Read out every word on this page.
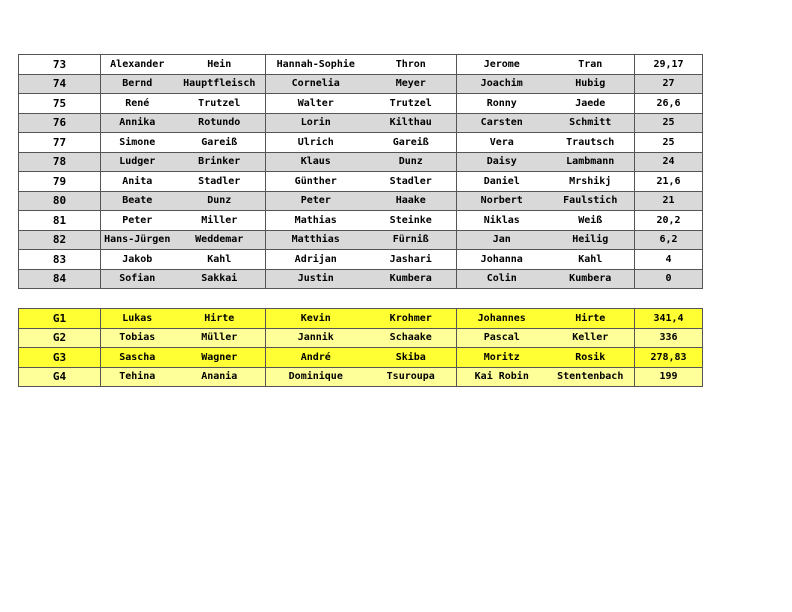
73	Alexander	Hein	Hannah-Sophie	Thron	Jerome	Tran	29,17
74	Bernd	Hauptfleisch	Cornelia	Meyer	Joachim	Hubig	27
75	René	Trutzel	Walter	Trutzel	Ronny	Jaede	26,6
76	Annika	Rotundo	Lorin	Kilthau	Carsten	Schmitt	25
77	Simone	Gareiß	Ulrich	Gareiß	Vera	Trautsch	25
78	Ludger	Brinker	Klaus	Dunz	Daisy	Lambmann	24
79	Anita	Stadler	Günther	Stadler	Daniel	Mrshikj	21,6
80	Beate	Dunz	Peter	Haake	Norbert	Faulstich	21
81	Peter	Miller	Mathias	Steinke	Niklas	Weiß	20,2
82	Hans-Jürgen	Weddemar	Matthias	Fürniß	Jan	Heilig	6,2
83	Jakob	Kahl	Adrijan	Jashari	Johanna	Kahl	4
84	Sofian	Sakkai	Justin	Kumbera	Colin	Kumbera	0
G1	Lukas	Hirte	Kevin	Krohmer	Johannes	Hirte	341,4
G2	Tobias	Müller	Jannik	Schaake	Pascal	Keller	336
G3	Sascha	Wagner	André	Skiba	Moritz	Rosik	278,83
G4	Tehina	Anania	Dominique	Tsuroupa	Kai Robin	Stentenbach	199
